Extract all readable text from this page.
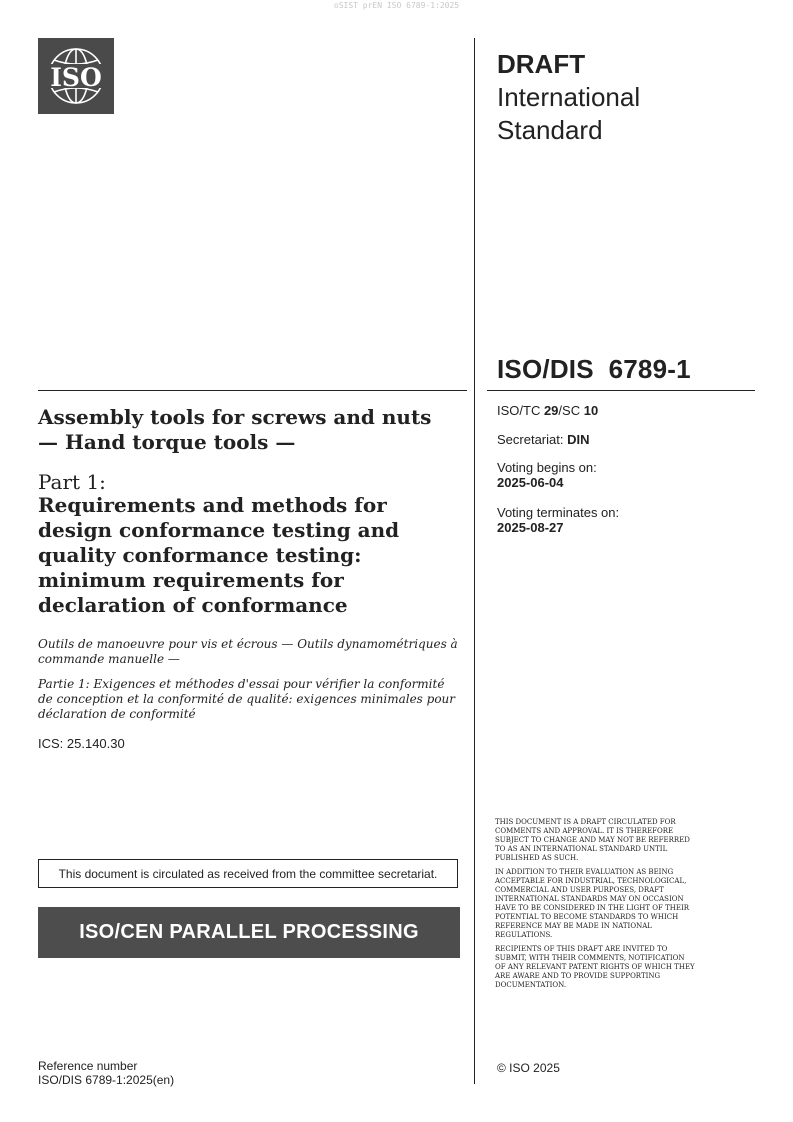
oSIST prEN ISO 6789-1:2025
ISO	DRAFT
International
Standard
ISO/DIS  6789-1
ISO/TC 29/SC 10
Secretariat: DIN
Voting begins on:
2025-06-04
Voting terminates on:
2025-08-27
Assembly tools for screws and nuts — Hand torque tools —
Part 1:
Requirements and methods for design conformance testing and quality conformance testing: minimum requirements for declaration of conformance
Outils de manoeuvre pour vis et écrous — Outils dynamométriques à commande manuelle —
Partie 1: Exigences et méthodes d'essai pour vérifier la conformité de conception et la conformité de qualité: exigences minimales pour déclaration de conformité
ICS: 25.140.30
This document is circulated as received from the committee secretariat.
ISO/CEN PARALLEL PROCESSING

THIS DOCUMENT IS A DRAFT CIRCULATED FOR COMMENTS AND APPROVAL. IT IS THEREFORE SUBJECT TO CHANGE AND MAY NOT BE REFERRED TO AS AN INTERNATIONAL STANDARD UNTIL PUBLISHED AS SUCH.

IN ADDITION TO THEIR EVALUATION AS BEING ACCEPTABLE FOR INDUSTRIAL, TECHNOLOGICAL, COMMERCIAL AND USER PURPOSES, DRAFT INTERNATIONAL STANDARDS MAY ON OCCASION HAVE TO BE CONSIDERED IN THE LIGHT OF THEIR POTENTIAL TO BECOME STANDARDS TO WHICH REFERENCE MAY BE MADE IN NATIONAL REGULATIONS.

RECIPIENTS OF THIS DRAFT ARE INVITED TO SUBMIT, WITH THEIR COMMENTS, NOTIFICATION OF ANY RELEVANT PATENT RIGHTS OF WHICH THEY ARE AWARE AND TO PROVIDE SUPPORTING DOCUMENTATION.

© ISO 2025
Reference number
ISO/DIS 6789-1:2025(en)
